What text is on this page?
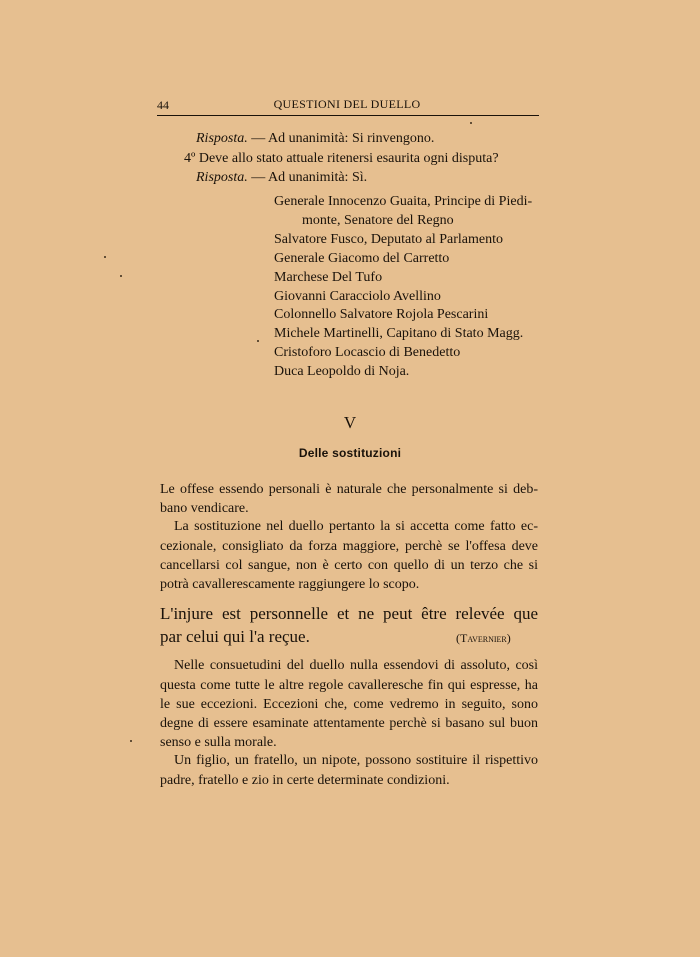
44	QUESTIONI DEL DUELLO
Risposta. — Ad unanimità: Si rinvengono.
4º Deve allo stato attuale ritenersi esaurita ogni disputa?
Risposta. — Ad unanimità: Sì.
Generale Innocenzo Guaita, Principe di Piedi-
monte, Senatore del Regno
Salvatore Fusco, Deputato al Parlamento
Generale Giacomo del Carretto
Marchese Del Tufo
Giovanni Caracciolo Avellino
Colonnello Salvatore Rojola Pescarini
Michele Martinelli, Capitano di Stato Magg.
Cristoforo Locascio di Benedetto
Duca Leopoldo di Noja.
V
Delle sostituzioni
Le offese essendo personali è naturale che personalmente si deb-
bano vendicare.
La sostituzione nel duello pertanto la si accetta come fatto ec-
cezionale, consigliato da forza maggiore, perchè se l'offesa deve
cancellarsi col sangue, non è certo con quello di un terzo che si
potrà cavallerescamente raggiungere lo scopo.
L'injure est personnelle et ne peut être relevée que
par celui qui l'a reçue.	(Tavernier)
Nelle consuetudini del duello nulla essendovi di assoluto, così
questa come tutte le altre regole cavalleresche fin qui espresse, ha
le sue eccezioni. Eccezioni che, come vedremo in seguito, sono
degne di essere esaminate attentamente perchè si basano sul buon
senso e sulla morale.
Un figlio, un fratello, un nipote, possono sostituire il rispettivo
padre, fratello e zio in certe determinate condizioni.
